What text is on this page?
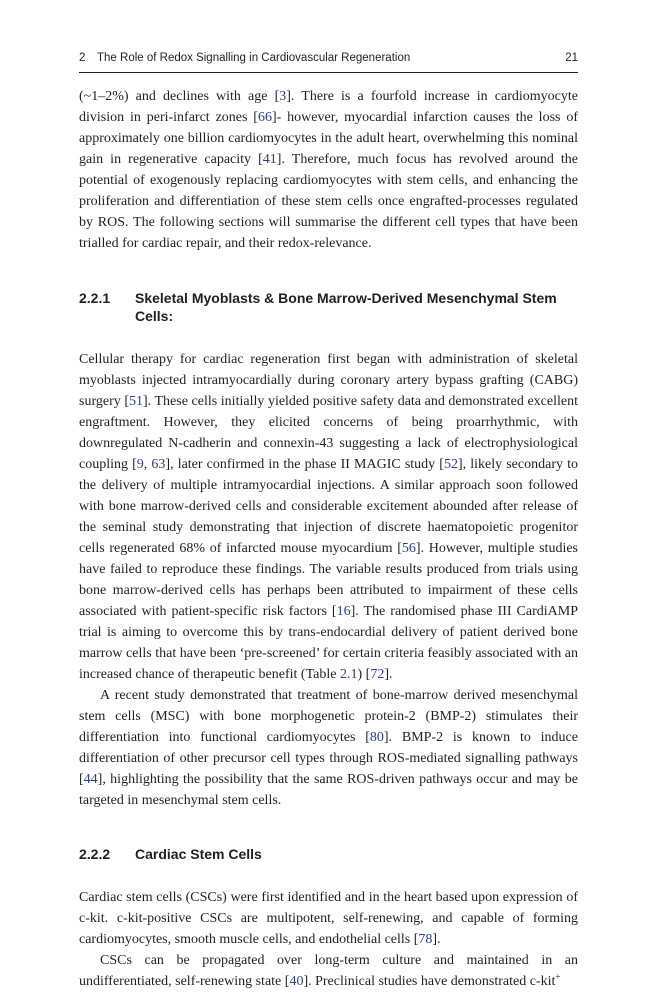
2 The Role of Redox Signalling in Cardiovascular Regeneration	21

(~1–2%) and declines with age [3]. There is a fourfold increase in cardiomyocyte division in peri-infarct zones [66]- however, myocardial infarction causes the loss of approximately one billion cardiomyocytes in the adult heart, overwhelming this nominal gain in regenerative capacity [41]. Therefore, much focus has revolved around the potential of exogenously replacing cardiomyocytes with stem cells, and enhancing the proliferation and differentiation of these stem cells once engrafted-processes regulated by ROS. The following sections will summarise the different cell types that have been trialled for cardiac repair, and their redox-relevance.

2.2.1	Skeletal Myoblasts & Bone Marrow-Derived Mesenchymal Stem Cells:

Cellular therapy for cardiac regeneration first began with administration of skeletal myoblasts injected intramyocardially during coronary artery bypass grafting (CABG) surgery [51]. These cells initially yielded positive safety data and demonstrated excellent engraftment. However, they elicited concerns of being proarrhythmic, with downregulated N-cadherin and connexin-43 suggesting a lack of electrophysiological coupling [9, 63], later confirmed in the phase II MAGIC study [52], likely secondary to the delivery of multiple intramyocardial injections. A similar approach soon followed with bone marrow-derived cells and considerable excitement abounded after release of the seminal study demonstrating that injection of discrete haematopoietic progenitor cells regenerated 68% of infarcted mouse myocardium [56]. However, multiple studies have failed to reproduce these findings. The variable results produced from trials using bone marrow-derived cells has perhaps been attributed to impairment of these cells associated with patient-specific risk factors [16]. The randomised phase III CardiAMP trial is aiming to overcome this by trans-endocardial delivery of patient derived bone marrow cells that have been ‘pre-screened’ for certain criteria feasibly associated with an increased chance of therapeutic benefit (Table 2.1) [72].

A recent study demonstrated that treatment of bone-marrow derived mesenchymal stem cells (MSC) with bone morphogenetic protein-2 (BMP-2) stimulates their differentiation into functional cardiomyocytes [80]. BMP-2 is known to induce differentiation of other precursor cell types through ROS-mediated signalling pathways [44], highlighting the possibility that the same ROS-driven pathways occur and may be targeted in mesenchymal stem cells.

2.2.2	Cardiac Stem Cells

Cardiac stem cells (CSCs) were first identified and in the heart based upon expression of c-kit. c-kit-positive CSCs are multipotent, self-renewing, and capable of forming cardiomyocytes, smooth muscle cells, and endothelial cells [78].

CSCs can be propagated over long-term culture and maintained in an undifferentiated, self-renewing state [40]. Preclinical studies have demonstrated c-kit+
